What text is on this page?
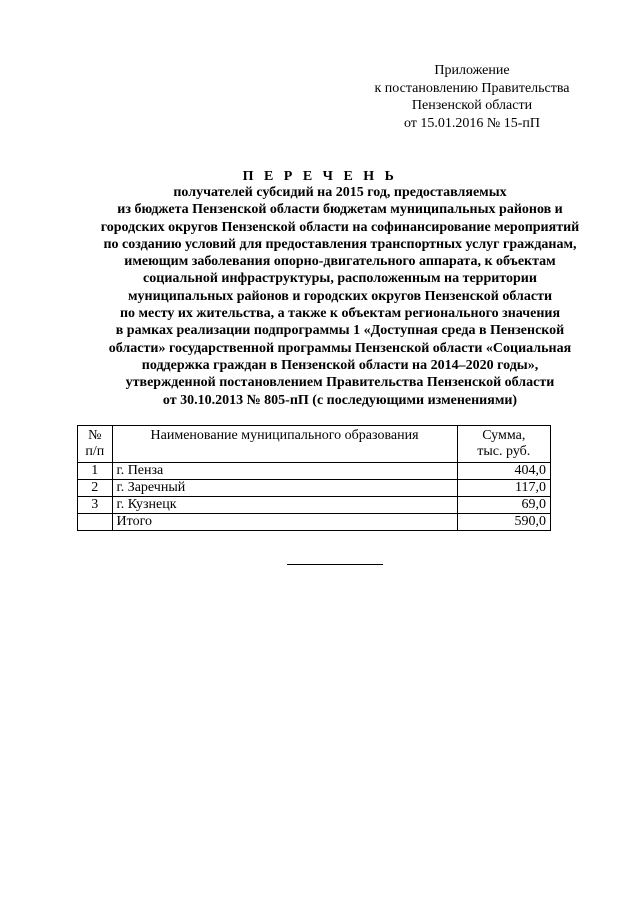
Приложение
к постановлению Правительства
Пензенской области
от 15.01.2016 № 15-пП
П Е Р Е Ч Е Н Ь
получателей субсидий на 2015 год, предоставляемых
из бюджета Пензенской области бюджетам муниципальных районов и
городских округов Пензенской области на софинансирование мероприятий
по созданию условий для предоставления транспортных услуг гражданам,
имеющим заболевания опорно-двигательного аппарата, к объектам
социальной инфраструктуры, расположенным на территории
муниципальных районов и городских округов Пензенской области
по месту их жительства, а также к объектам регионального значения
в рамках реализации подпрограммы 1 «Доступная среда в Пензенской
области» государственной программы Пензенской области «Социальная
поддержка граждан в Пензенской области на 2014–2020 годы»,
утвержденной постановлением Правительства Пензенской области
от 30.10.2013 № 805-пП (с последующими изменениями)
№
п/п	Наименование муниципального образования	Сумма,
тыс. руб.
1	г. Пенза	404,0
2	г. Заречный	117,0
3	г. Кузнецк	69,0
	Итого	590,0
